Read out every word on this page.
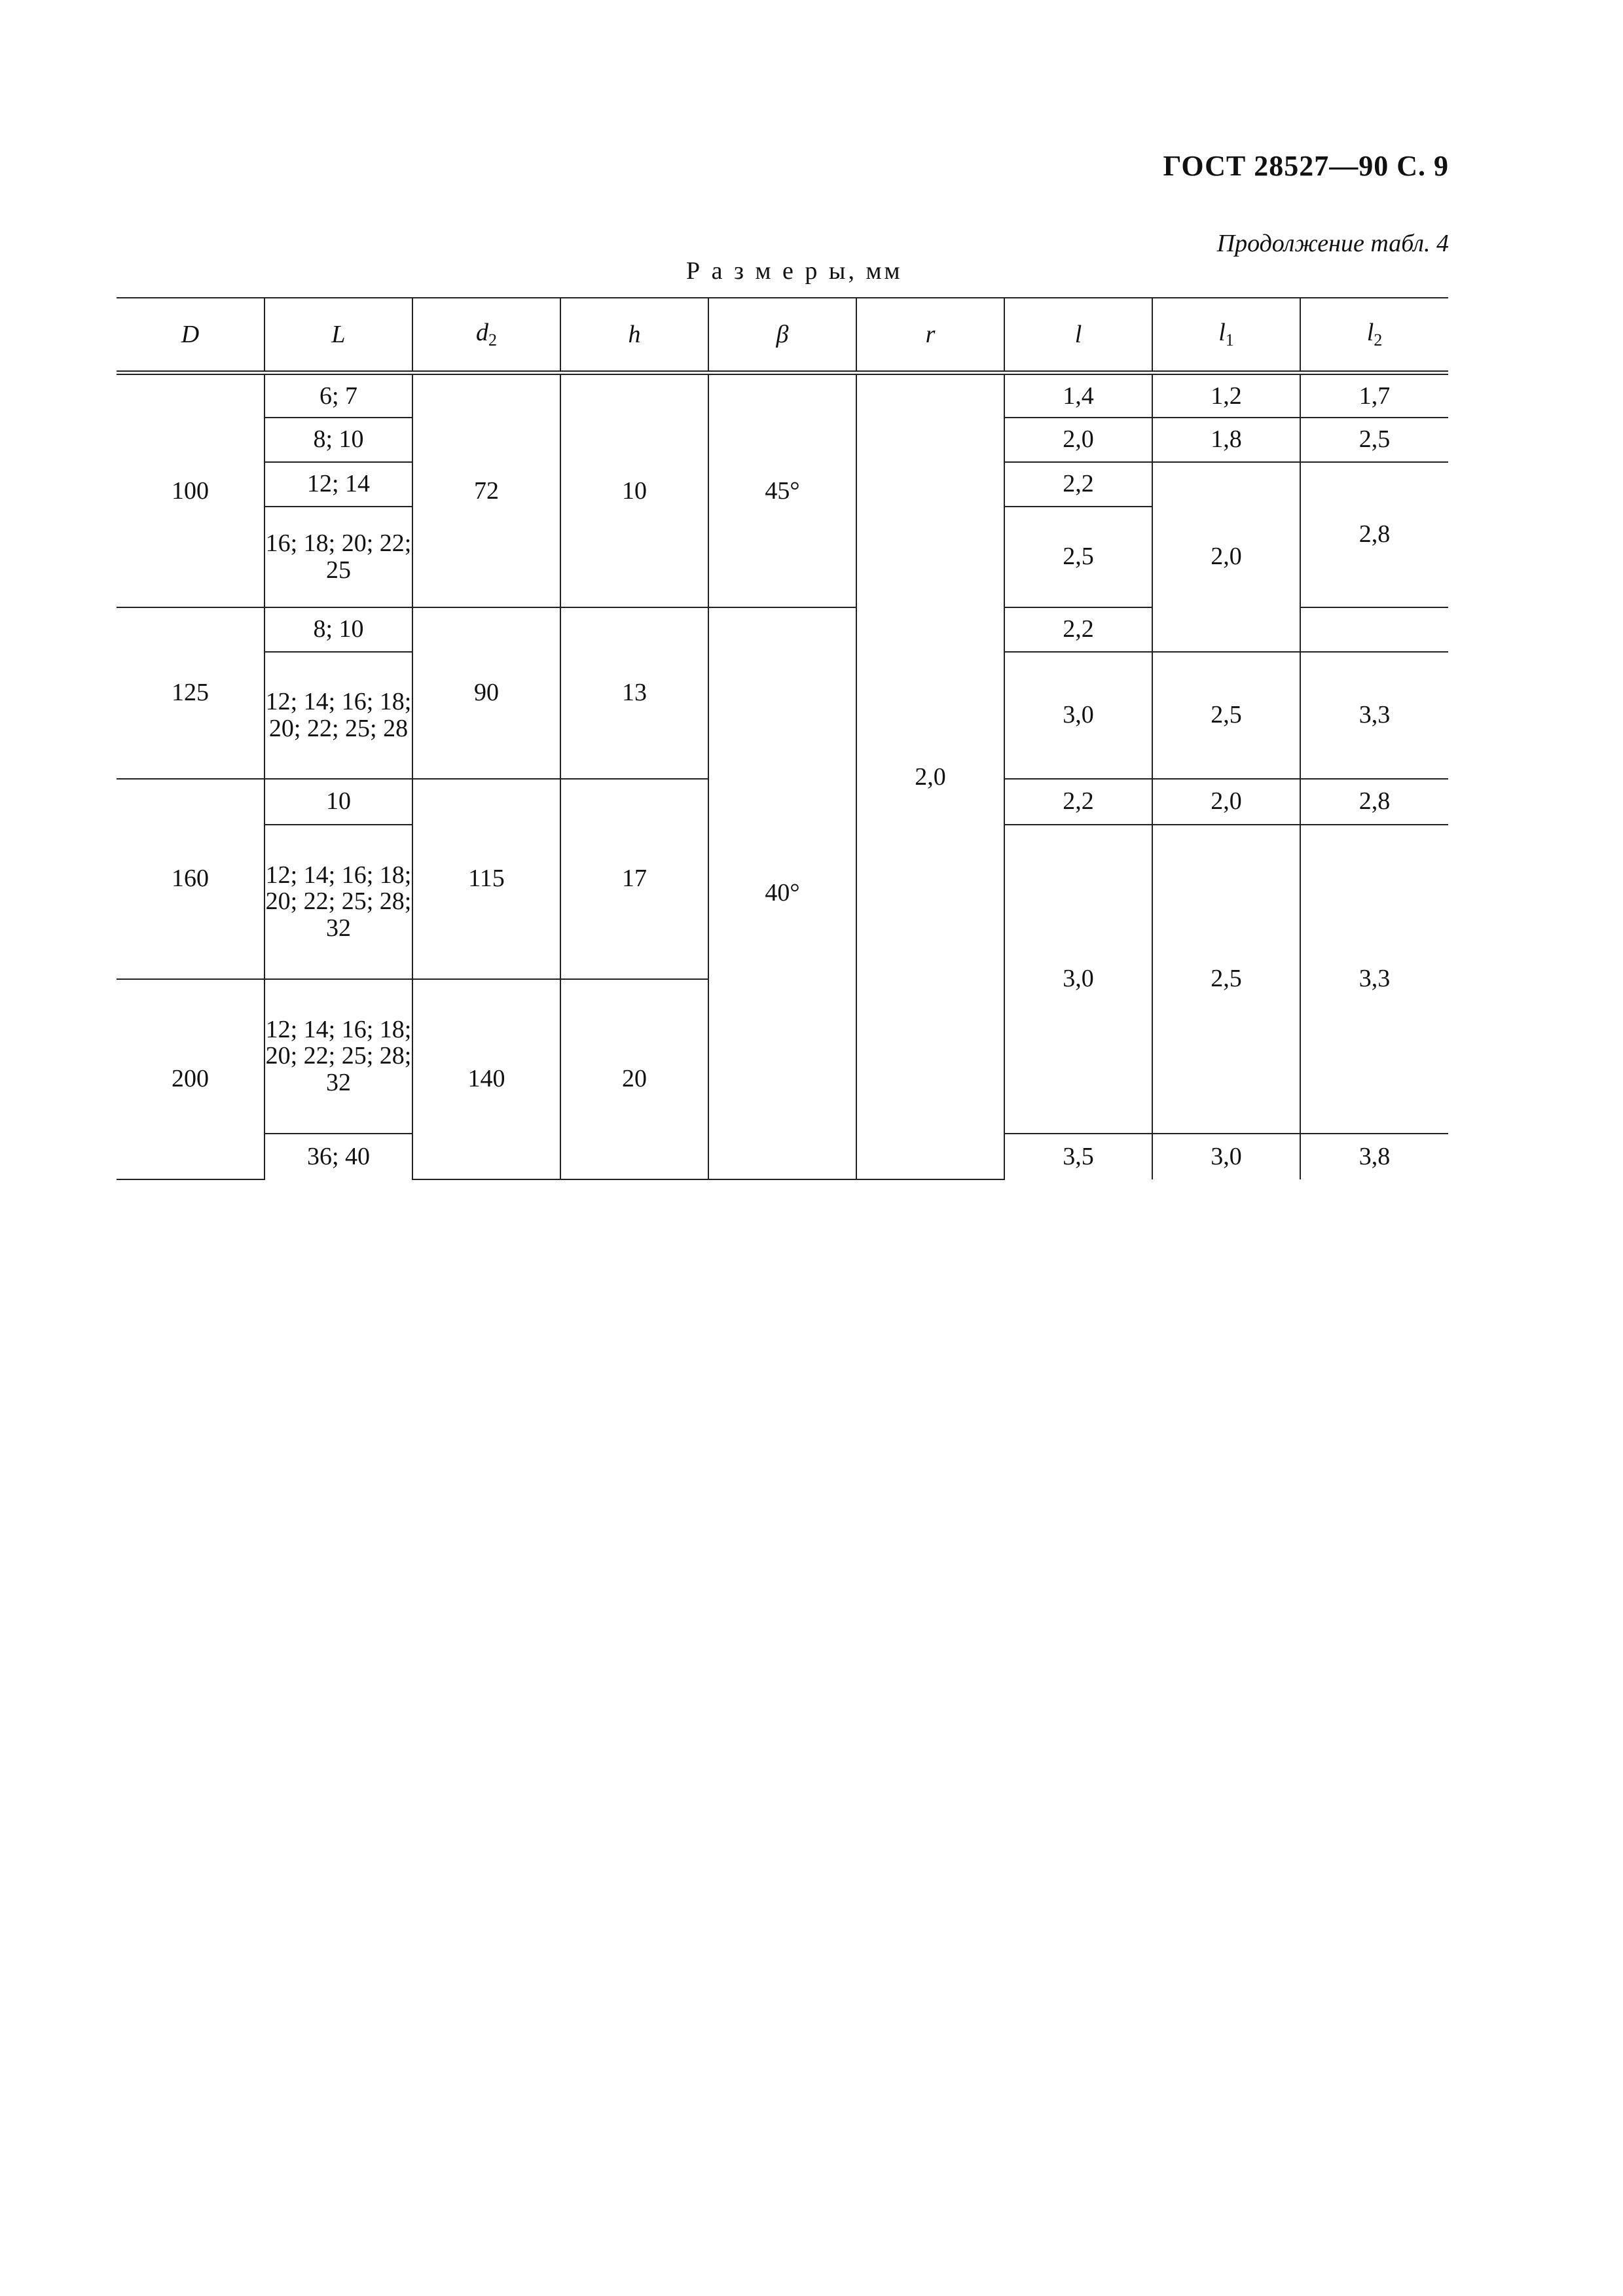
ГОСТ 28527—90 С. 9
Продолжение табл. 4
Р а з м е р ы, мм
D	L	$d_2$	h	β	r	l	$l_1$	$l_2$
100	6; 7	72	10	45°	2,0	1,4	1,2	1,7
	8; 10					2,0	1,8	2,5
	12; 14					2,2	2,0	2,8
	16; 18; 20; 22; 25					2,5		
125	8; 10	90	13	40°		2,2		
	12; 14; 16; 18; 20; 22; 25; 28					3,0	2,5	3,3
160	10	115	17			2,2	2,0	2,8
	12; 14; 16; 18; 20; 22; 25; 28; 32					3,0	2,5	3,3
200	12; 14; 16; 18; 20; 22; 25; 28; 32	140	20					
	36; 40					3,5	3,0	3,8
